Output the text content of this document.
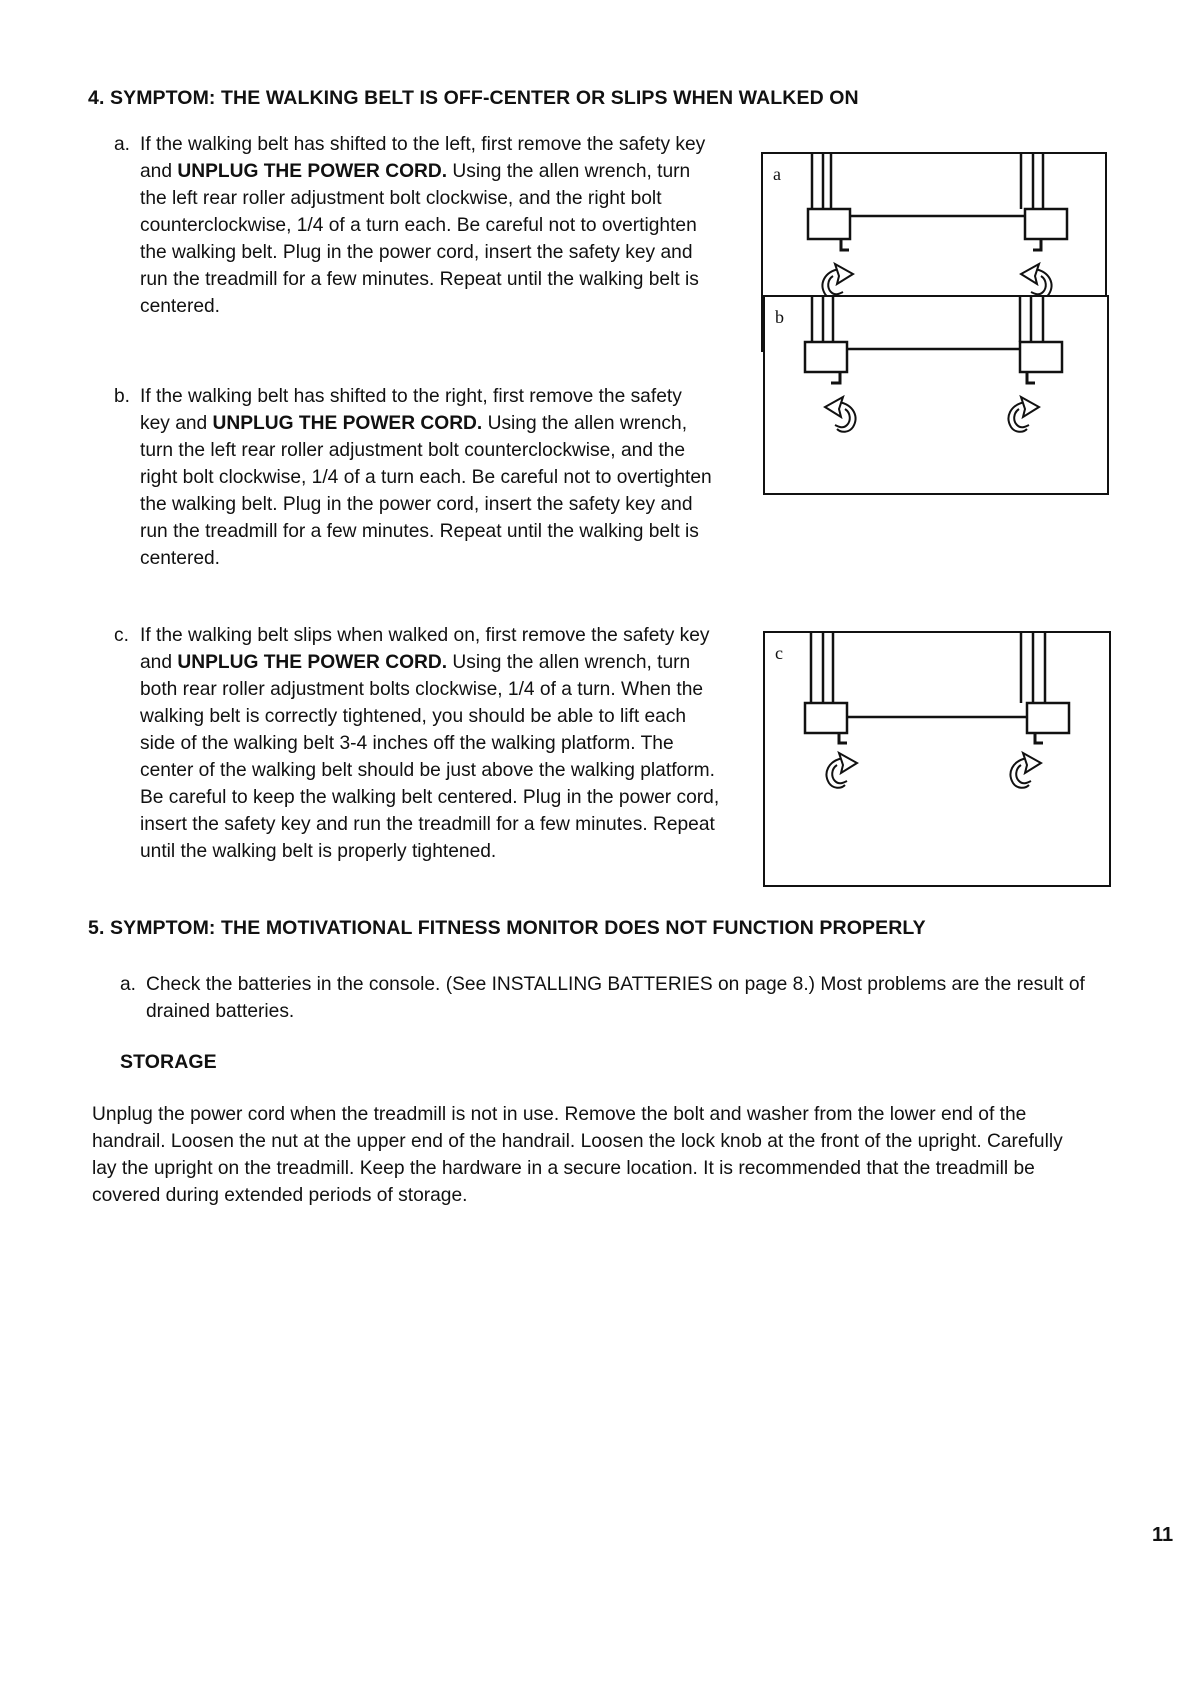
4. SYMPTOM: THE WALKING BELT IS OFF-CENTER OR SLIPS WHEN WALKED ON
a. If the walking belt has shifted to the left, first remove the safety key and UNPLUG THE POWER CORD. Using the allen wrench, turn the left rear roller adjustment bolt clockwise, and the right bolt counterclockwise, 1/4 of a turn each. Be careful not to overtighten the walking belt. Plug in the power cord, insert the safety key and run the treadmill for a few minutes. Repeat until the walking belt is centered.
a
b. If the walking belt has shifted to the right, first remove the safety key and UNPLUG THE POWER CORD. Using the allen wrench, turn the left rear roller adjustment bolt counterclockwise, and the right bolt clockwise, 1/4 of a turn each. Be careful not to overtighten the walking belt. Plug in the power cord, insert the safety key and run the treadmill for a few minutes. Repeat until the walking belt is centered.
b
c. If the walking belt slips when walked on, first remove the safety key and UNPLUG THE POWER CORD. Using the allen wrench, turn both rear roller adjustment bolts clockwise, 1/4 of a turn. When the walking belt is correctly tightened, you should be able to lift each side of the walking belt 3-4 inches off the walking platform. The center of the walking belt should be just above the walking platform. Be careful to keep the walking belt centered. Plug in the power cord, insert the safety key and run the treadmill for a few minutes. Repeat until the walking belt is properly tightened.
c
5. SYMPTOM: THE MOTIVATIONAL FITNESS MONITOR DOES NOT FUNCTION PROPERLY
a. Check the batteries in the console. (See INSTALLING BATTERIES on page 8.) Most problems are the result of drained batteries.
STORAGE
Unplug the power cord when the treadmill is not in use. Remove the bolt and washer from the lower end of the handrail. Loosen the nut at the upper end of the handrail. Loosen the lock knob at the front of the upright. Carefully lay the upright on the treadmill. Keep the hardware in a secure location. It is recommended that the treadmill be covered during extended periods of storage.
11
